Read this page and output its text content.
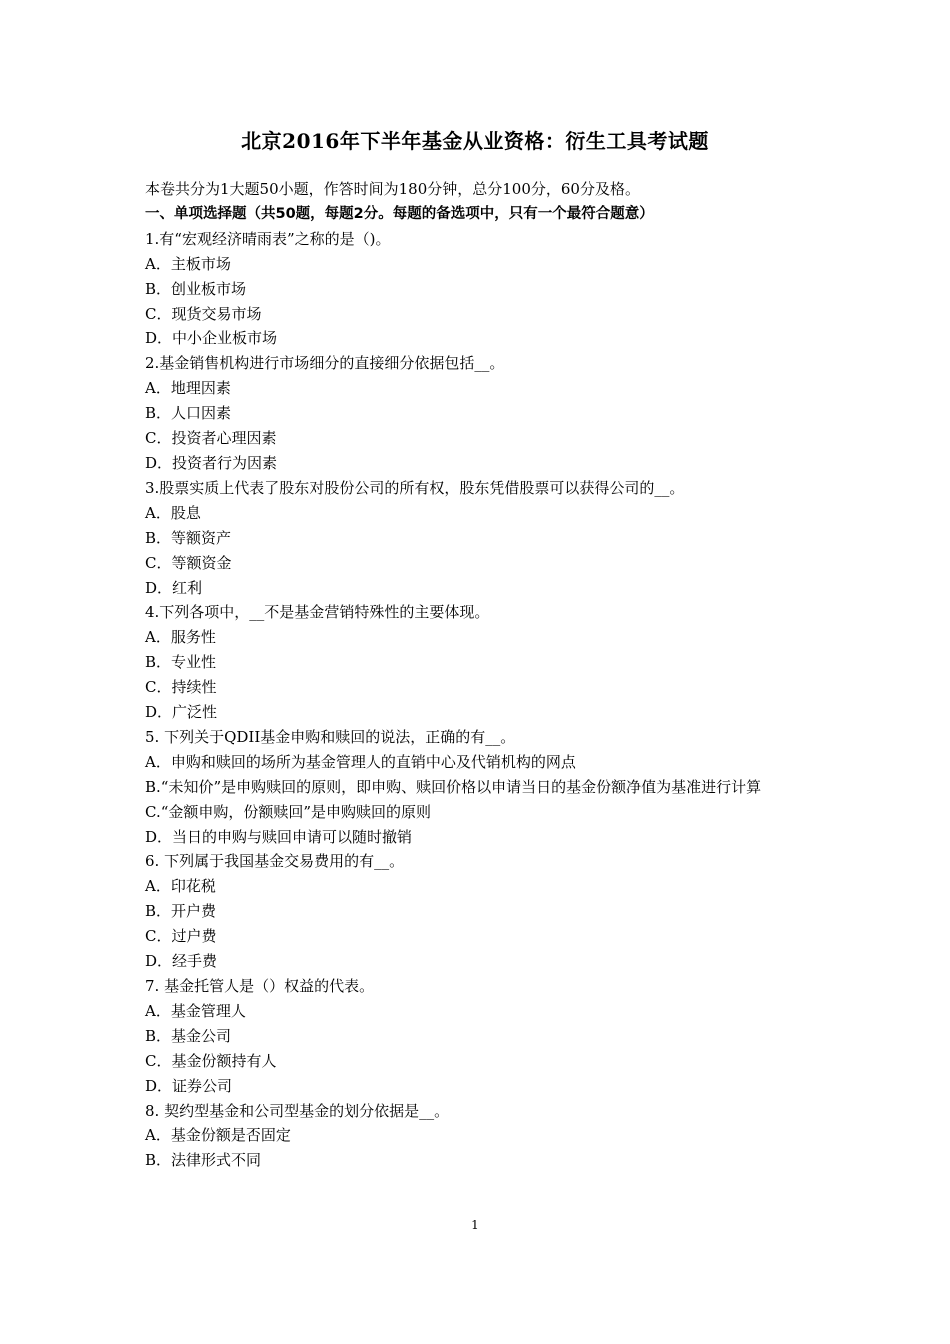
北京2016年下半年基金从业资格：衍生工具考试题
本卷共分为1大题50小题，作答时间为180分钟，总分100分，60分及格。
一、单项选择题（共50题，每题2分。每题的备选项中，只有一个最符合题意）
1.有“宏观经济晴雨表”之称的是（)。
A．主板市场
B．创业板市场
C．现货交易市场
D．中小企业板市场
2.基金销售机构进行市场细分的直接细分依据包括__。
A．地理因素
B．人口因素
C．投资者心理因素
D．投资者行为因素
3.股票实质上代表了股东对股份公司的所有权，股东凭借股票可以获得公司的__。
A．股息
B．等额资产
C．等额资金
D．红利
4.下列各项中，__不是基金营销特殊性的主要体现。
A．服务性
B．专业性
C．持续性
D．广泛性
5. 下列关于QDII基金申购和赎回的说法，正确的有__。
A．申购和赎回的场所为基金管理人的直销中心及代销机构的网点
B.“未知价”是申购赎回的原则，即申购、赎回价格以申请当日的基金份额净值为基准进行计算
C.“金额申购，份额赎回”是申购赎回的原则
D．当日的申购与赎回申请可以随时撤销
6. 下列属于我国基金交易费用的有__。
A．印花税
B．开户费
C．过户费
D．经手费
7. 基金托管人是（）权益的代表。
A．基金管理人
B．基金公司
C．基金份额持有人
D．证券公司
8. 契约型基金和公司型基金的划分依据是__。
A．基金份额是否固定
B．法律形式不同
1
